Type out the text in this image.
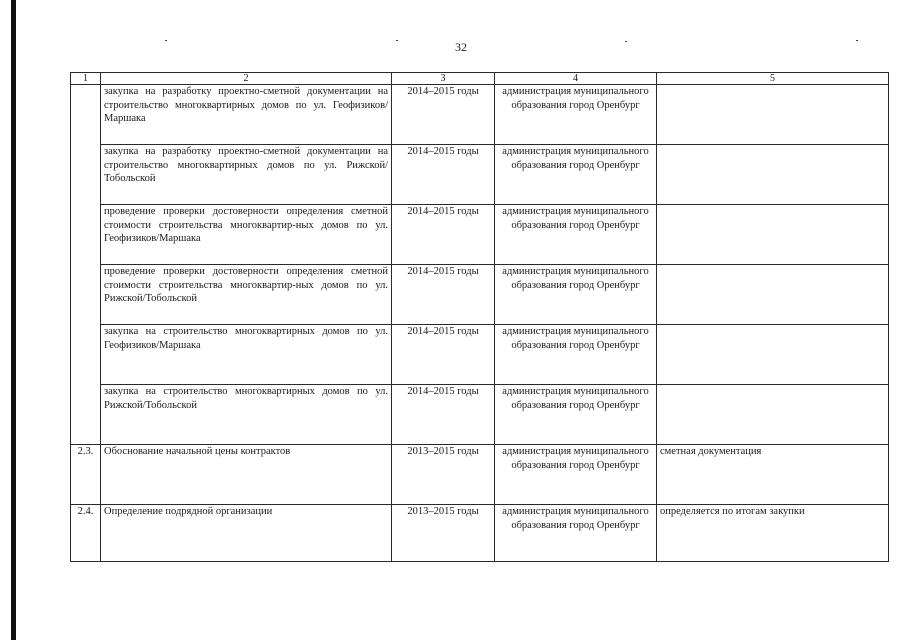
32
1	2	3	4	5
	закупка на разработку проектно-сметной документации на строительство многоквартирных домов по ул. Геофизиков/Маршака	2014–2015 годы	администрация муниципального образования город Оренбург	
	закупка на разработку проектно-сметной документации на строительство многоквартирных домов по ул. Рижской/Тобольской	2014–2015 годы	администрация муниципального образования город Оренбург	
	проведение проверки достоверности определения сметной стоимости строительства многоквартир-ных домов по ул. Геофизиков/Маршака	2014–2015 годы	администрация муниципального образования город Оренбург	
	проведение проверки достоверности определения сметной стоимости строительства многоквартир-ных домов по ул. Рижской/Тобольской	2014–2015 годы	администрация муниципального образования город Оренбург	
	закупка на строительство многоквартирных домов по ул. Геофизиков/Маршака	2014–2015 годы	администрация муниципального образования город Оренбург	
	закупка на строительство многоквартирных домов по ул. Рижской/Тобольской	2014–2015 годы	администрация муниципального образования город Оренбург	
2.3.	Обоснование начальной цены контрактов	2013–2015 годы	администрация муниципального образования город Оренбург	сметная документация
2.4.	Определение подрядной организации	2013–2015 годы	администрация муниципального образования город Оренбург	определяется по итогам закупки
